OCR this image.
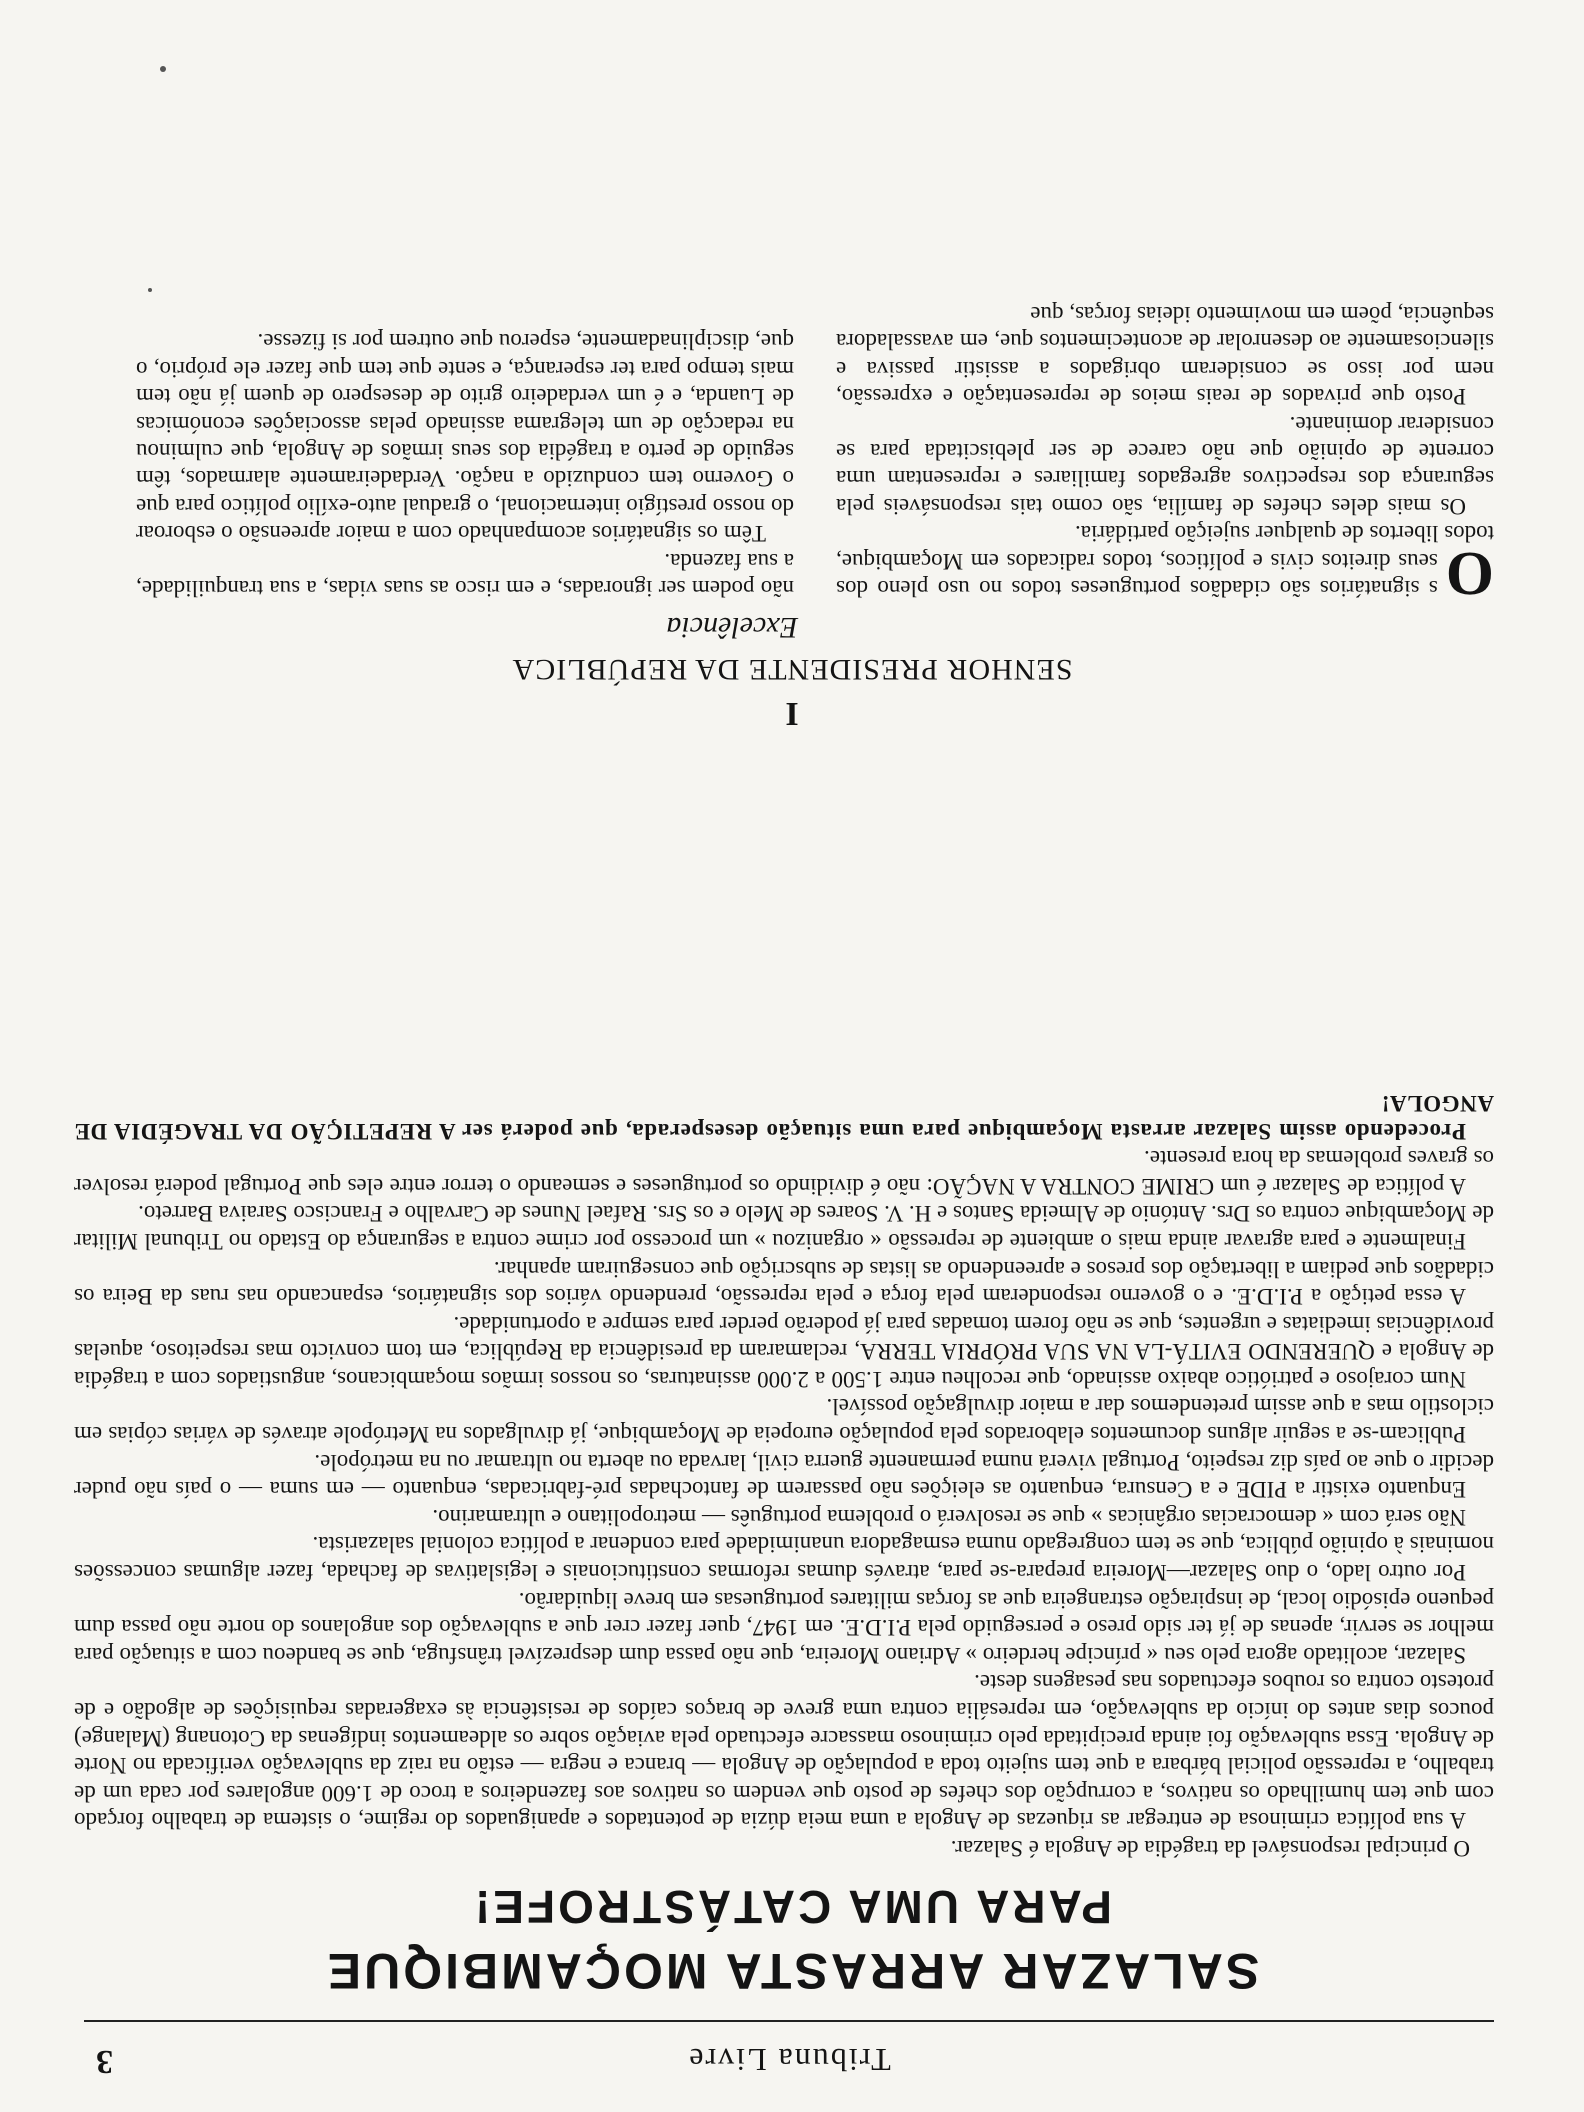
Tribuna Livre
3
SALAZAR ARRASTA MOÇAMBIQUE
PARA UMA CATÁSTROFE!

O principal responsável da tragédia de Angola é Salazar.

A sua política criminosa de entregar as riquezas de Angola a uma meia dúzia de potentados e apaniguados do regime, o sistema de trabalho forçado com que tem humilhado os nativos, a corrupção dos chefes de posto que vendem os nativos aos fazendeiros a troco de 1.600 angolares por cada um de trabalho, a repressão policial bárbara a que tem sujeito toda a população de Angola — branca e negra — estão na raiz da sublevação verificada no Norte de Angola. Essa sublevação foi ainda precipitada pelo criminoso massacre efectuado pela aviação sobre os aldeamentos indígenas da Cotonang (Malange) poucos dias antes do início da sublevação, em represália contra uma greve de braços caídos de resistência às exageradas requisições de algodão e de protesto contra os roubos efectuados nas pesagens deste.

Salazar, acolitado agora pelo seu « príncipe herdeiro » Adriano Moreira, que não passa dum desprezível trânsfuga, que se bandeou com a situação para melhor se servir, apenas de já ter sido preso e perseguido pela P.I.D.E. em 1947, quer fazer crer que a sublevação dos angolanos do norte não passa dum pequeno episódio local, de inspiração estrangeira que as forças militares portuguesas em breve liquidarão.

Por outro lado, o duo Salazar—Moreira prepara-se para, através dumas reformas constitucionais e legislativas de fachada, fazer algumas concessões nominais à opinião pública, que se tem congregado numa esmagadora unanimidade para condenar a política colonial salazarista.

Não será com « democracias orgânicas » que se resolverá o problema português — metropolitano e ultramarino.

Enquanto existir a PIDE e a Censura, enquanto as eleições não passarem de fantochadas pré-fabricadas, enquanto — em suma — o país não puder decidir o que ao país diz respeito, Portugal viverá numa permanente guerra civil, larvada ou aberta no ultramar ou na metrópole.

Publicam-se a seguir alguns documentos elaborados pela população europeia de Moçambique, já divulgados na Metrópole através de várias cópias em ciclostilo mas a que assim pretendemos dar a maior divulgação possível.

Num corajoso e patriótico abaixo assinado, que recolheu entre 1.500 a 2.000 assinaturas, os nossos irmãos moçambicanos, angustiados com a tragédia de Angola e QUERENDO EVITÁ-LA NA SUA PRÓPRIA TERRA, reclamaram da presidência da República, em tom convicto mas respeitoso, aquelas providências imediatas e urgentes, que se não forem tomadas para já poderão perder para sempre a oportunidade.

A essa petição a P.I.D.E. e o governo responderam pela força e pela repressão, prendendo vários dos signatários, espancando nas ruas da Beira os cidadãos que pediam a libertação dos presos e apreendendo as listas de subscrição que conseguiram apanhar.

Finalmente e para agravar ainda mais o ambiente de repressão « organizou » um processo por crime contra a segurança do Estado no Tribunal Militar de Moçambique contra os Drs. António de Almeida Santos e H. V. Soares de Melo e os Srs. Rafael Nunes de Carvalho e Francisco Saraiva Barreto.

A política de Salazar é um CRIME CONTRA A NAÇÃO: não é dividindo os portugueses e semeando o terror entre eles que Portugal poderá resolver os graves problemas da hora presente.

Procedendo assim Salazar arrasta Moçambique para uma situação desesperada, que poderá ser A REPETIÇÃO DA TRAGÉDIA DE ANGOLA!

I
SENHOR PRESIDENTE DA REPÚBLICA
Excelência

O
s signatários são cidadãos portugueses todos no uso pleno dos seus direitos civis e políticos, todos radicados em Moçambique, todos libertos de qualquer sujeição partidária.

Os mais deles chefes de família, são como tais responsáveis pela segurança dos respectivos agregados familiares e representam uma corrente de opinião que não carece de ser plebiscitada para se considerar dominante.

Posto que privados de reais meios de representação e expressão, nem por isso se consideram obrigados a assistir passiva e silenciosamente ao desenrolar de acontecimentos que, em avassaladora sequência, põem em movimento ideias forças, que

não podem ser ignoradas, e em risco as suas vidas, a sua tranquilidade, a sua fazenda.

Têm os signatários acompanhado com a maior apreensão o esboroar do nosso prestígio internacional, o gradual auto-exílio político para que o Governo tem conduzido a nação. Verdadeiramente alarmados, têm seguido de perto a tragédia dos seus irmãos de Angola, que culminou na redacção de um telegrama assinado pelas associações económicas de Luanda, e é um verdadeiro grito de desespero de quem já não tem mais tempo para ter esperança, e sente que tem que fazer ele próprio, o que, disciplinadamente, esperou que outrem por si fizesse.
